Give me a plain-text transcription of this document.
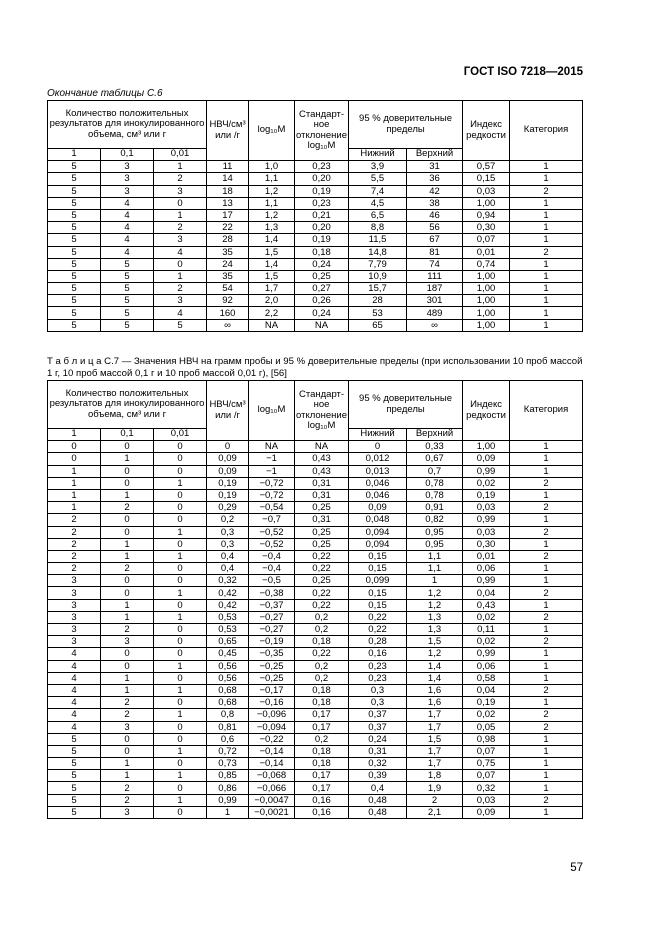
ГОСТ ISO 7218—2015
Окончание таблицы С.6
Количество положительных результатов для инокулированного объема, см³ или г			НВЧ/см³ или /г	log₁₀M	Стандарт-ное отклонение log₁₀M	95 % доверительные пределы		Индекс редкости	Категория
1	0,1	0,01				Нижний	Верхний		
5	3	1	11	1,0	0,23	3,9	31	0,57	1
5	3	2	14	1,1	0,20	5,5	36	0,15	1
5	3	3	18	1,2	0,19	7,4	42	0,03	2
5	4	0	13	1,1	0,23	4,5	38	1,00	1
5	4	1	17	1,2	0,21	6,5	46	0,94	1
5	4	2	22	1,3	0,20	8,8	56	0,30	1
5	4	3	28	1,4	0,19	11,5	67	0,07	1
5	4	4	35	1,5	0,18	14,8	81	0,01	2
5	5	0	24	1,4	0,24	7,79	74	0,74	1
5	5	1	35	1,5	0,25	10,9	111	1,00	1
5	5	2	54	1,7	0,27	15,7	187	1,00	1
5	5	3	92	2,0	0,26	28	301	1,00	1
5	5	4	160	2,2	0,24	53	489	1,00	1
5	5	5	∞	NA	NA	65	∞	1,00	1
Т а б л и ц а С.7 — Значения НВЧ на грамм пробы и 95 % доверительные пределы (при использовании 10 проб массой 1 г, 10 проб массой 0,1 г и 10 проб массой 0,01 г), [56]
Количество положительных результатов для инокулированного объема, см³ или г			НВЧ/см³ или /г	log₁₀M	Стандарт-ное отклонение log₁₀M	95 % доверительные пределы		Индекс редкости	Категория
1	0,1	0,01				Нижний	Верхний		
0	0	0	0	NA	NA	0	0,33	1,00	1
0	1	0	0,09	−1	0,43	0,012	0,67	0,09	1
1	0	0	0,09	−1	0,43	0,013	0,7	0,99	1
1	0	1	0,19	−0,72	0,31	0,046	0,78	0,02	2
1	1	0	0,19	−0,72	0,31	0,046	0,78	0,19	1
1	2	0	0,29	−0,54	0,25	0,09	0,91	0,03	2
2	0	0	0,2	−0,7	0,31	0,048	0,82	0,99	1
2	0	1	0,3	−0,52	0,25	0,094	0,95	0,03	2
2	1	0	0,3	−0,52	0,25	0,094	0,95	0,30	1
2	1	1	0,4	−0,4	0,22	0,15	1,1	0,01	2
2	2	0	0,4	−0,4	0,22	0,15	1,1	0,06	1
3	0	0	0,32	−0,5	0,25	0,099	1	0,99	1
3	0	1	0,42	−0,38	0,22	0,15	1,2	0,04	2
3	1	0	0,42	−0,37	0,22	0,15	1,2	0,43	1
3	1	1	0,53	−0,27	0,2	0,22	1,3	0,02	2
3	2	0	0,53	−0,27	0,2	0,22	1,3	0,11	1
3	3	0	0,65	−0,19	0,18	0,28	1,5	0,02	2
4	0	0	0,45	−0,35	0,22	0,16	1,2	0,99	1
4	0	1	0,56	−0,25	0,2	0,23	1,4	0,06	1
4	1	0	0,56	−0,25	0,2	0,23	1,4	0,58	1
4	1	1	0,68	−0,17	0,18	0,3	1,6	0,04	2
4	2	0	0,68	−0,16	0,18	0,3	1,6	0,19	1
4	2	1	0,8	−0,096	0,17	0,37	1,7	0,02	2
4	3	0	0,81	−0,094	0,17	0,37	1,7	0,05	2
5	0	0	0,6	−0,22	0,2	0,24	1,5	0,98	1
5	0	1	0,72	−0,14	0,18	0,31	1,7	0,07	1
5	1	0	0,73	−0,14	0,18	0,32	1,7	0,75	1
5	1	1	0,85	−0,068	0,17	0,39	1,8	0,07	1
5	2	0	0,86	−0,066	0,17	0,4	1,9	0,32	1
5	2	1	0,99	−0,0047	0,16	0,48	2	0,03	2
5	3	0	1	−0,0021	0,16	0,48	2,1	0,09	1
57
